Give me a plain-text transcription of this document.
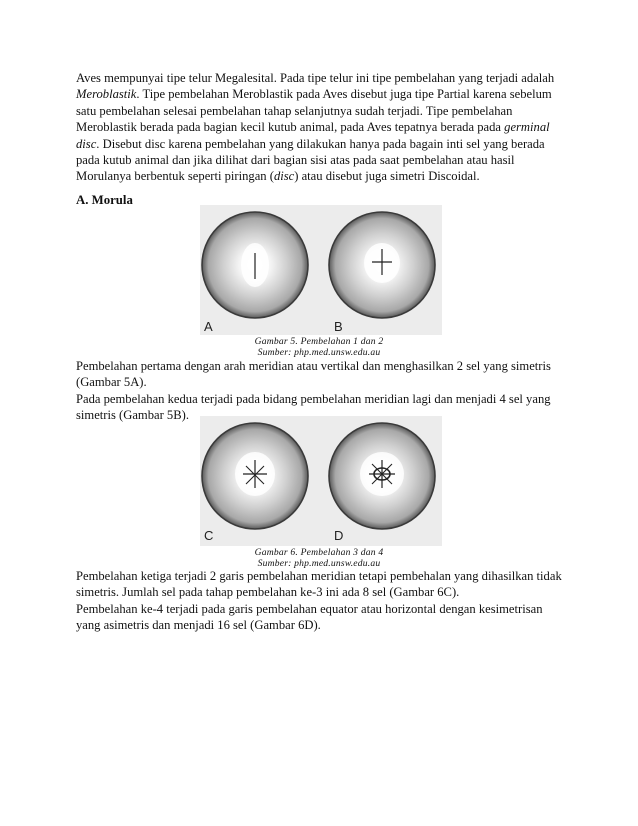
Aves mempunyai tipe telur Megalesital. Pada tipe telur ini tipe pembelahan yang terjadi adalah
Meroblastik. Tipe pembelahan Meroblastik pada Aves disebut juga tipe Partial karena sebelum
satu pembelahan selesai pembelahan tahap selanjutnya sudah terjadi. Tipe pembelahan
Meroblastik berada pada bagian kecil kutub animal, pada Aves tepatnya berada pada germinal
disc. Disebut disc karena pembelahan yang dilakukan hanya pada bagain inti sel yang berada
pada kutub animal dan jika dilihat dari bagian sisi atas pada saat pembelahan atau hasil
Morulanya berbentuk seperti piringan (disc) atau disebut juga simetri Discoidal.
A. Morula
A	B
Gambar 5. Pembelahan 1 dan 2
Sumber: php.med.unsw.edu.au
Pembelahan pertama dengan arah meridian atau vertikal dan menghasilkan 2 sel yang simetris
(Gambar 5A).
Pada pembelahan kedua terjadi pada bidang pembelahan meridian lagi dan menjadi 4 sel yang
simetris (Gambar 5B).
C	D
Gambar 6. Pembelahan 3 dan 4
Sumber: php.med.unsw.edu.au
Pembelahan ketiga terjadi 2 garis pembelahan meridian tetapi pembehalan yang dihasilkan tidak
simetris. Jumlah sel pada tahap pembelahan ke-3 ini ada 8 sel (Gambar 6C).
Pembelahan ke-4 terjadi pada garis pembelahan equator atau horizontal dengan kesimetrisan
yang asimetris dan menjadi 16 sel (Gambar 6D).
